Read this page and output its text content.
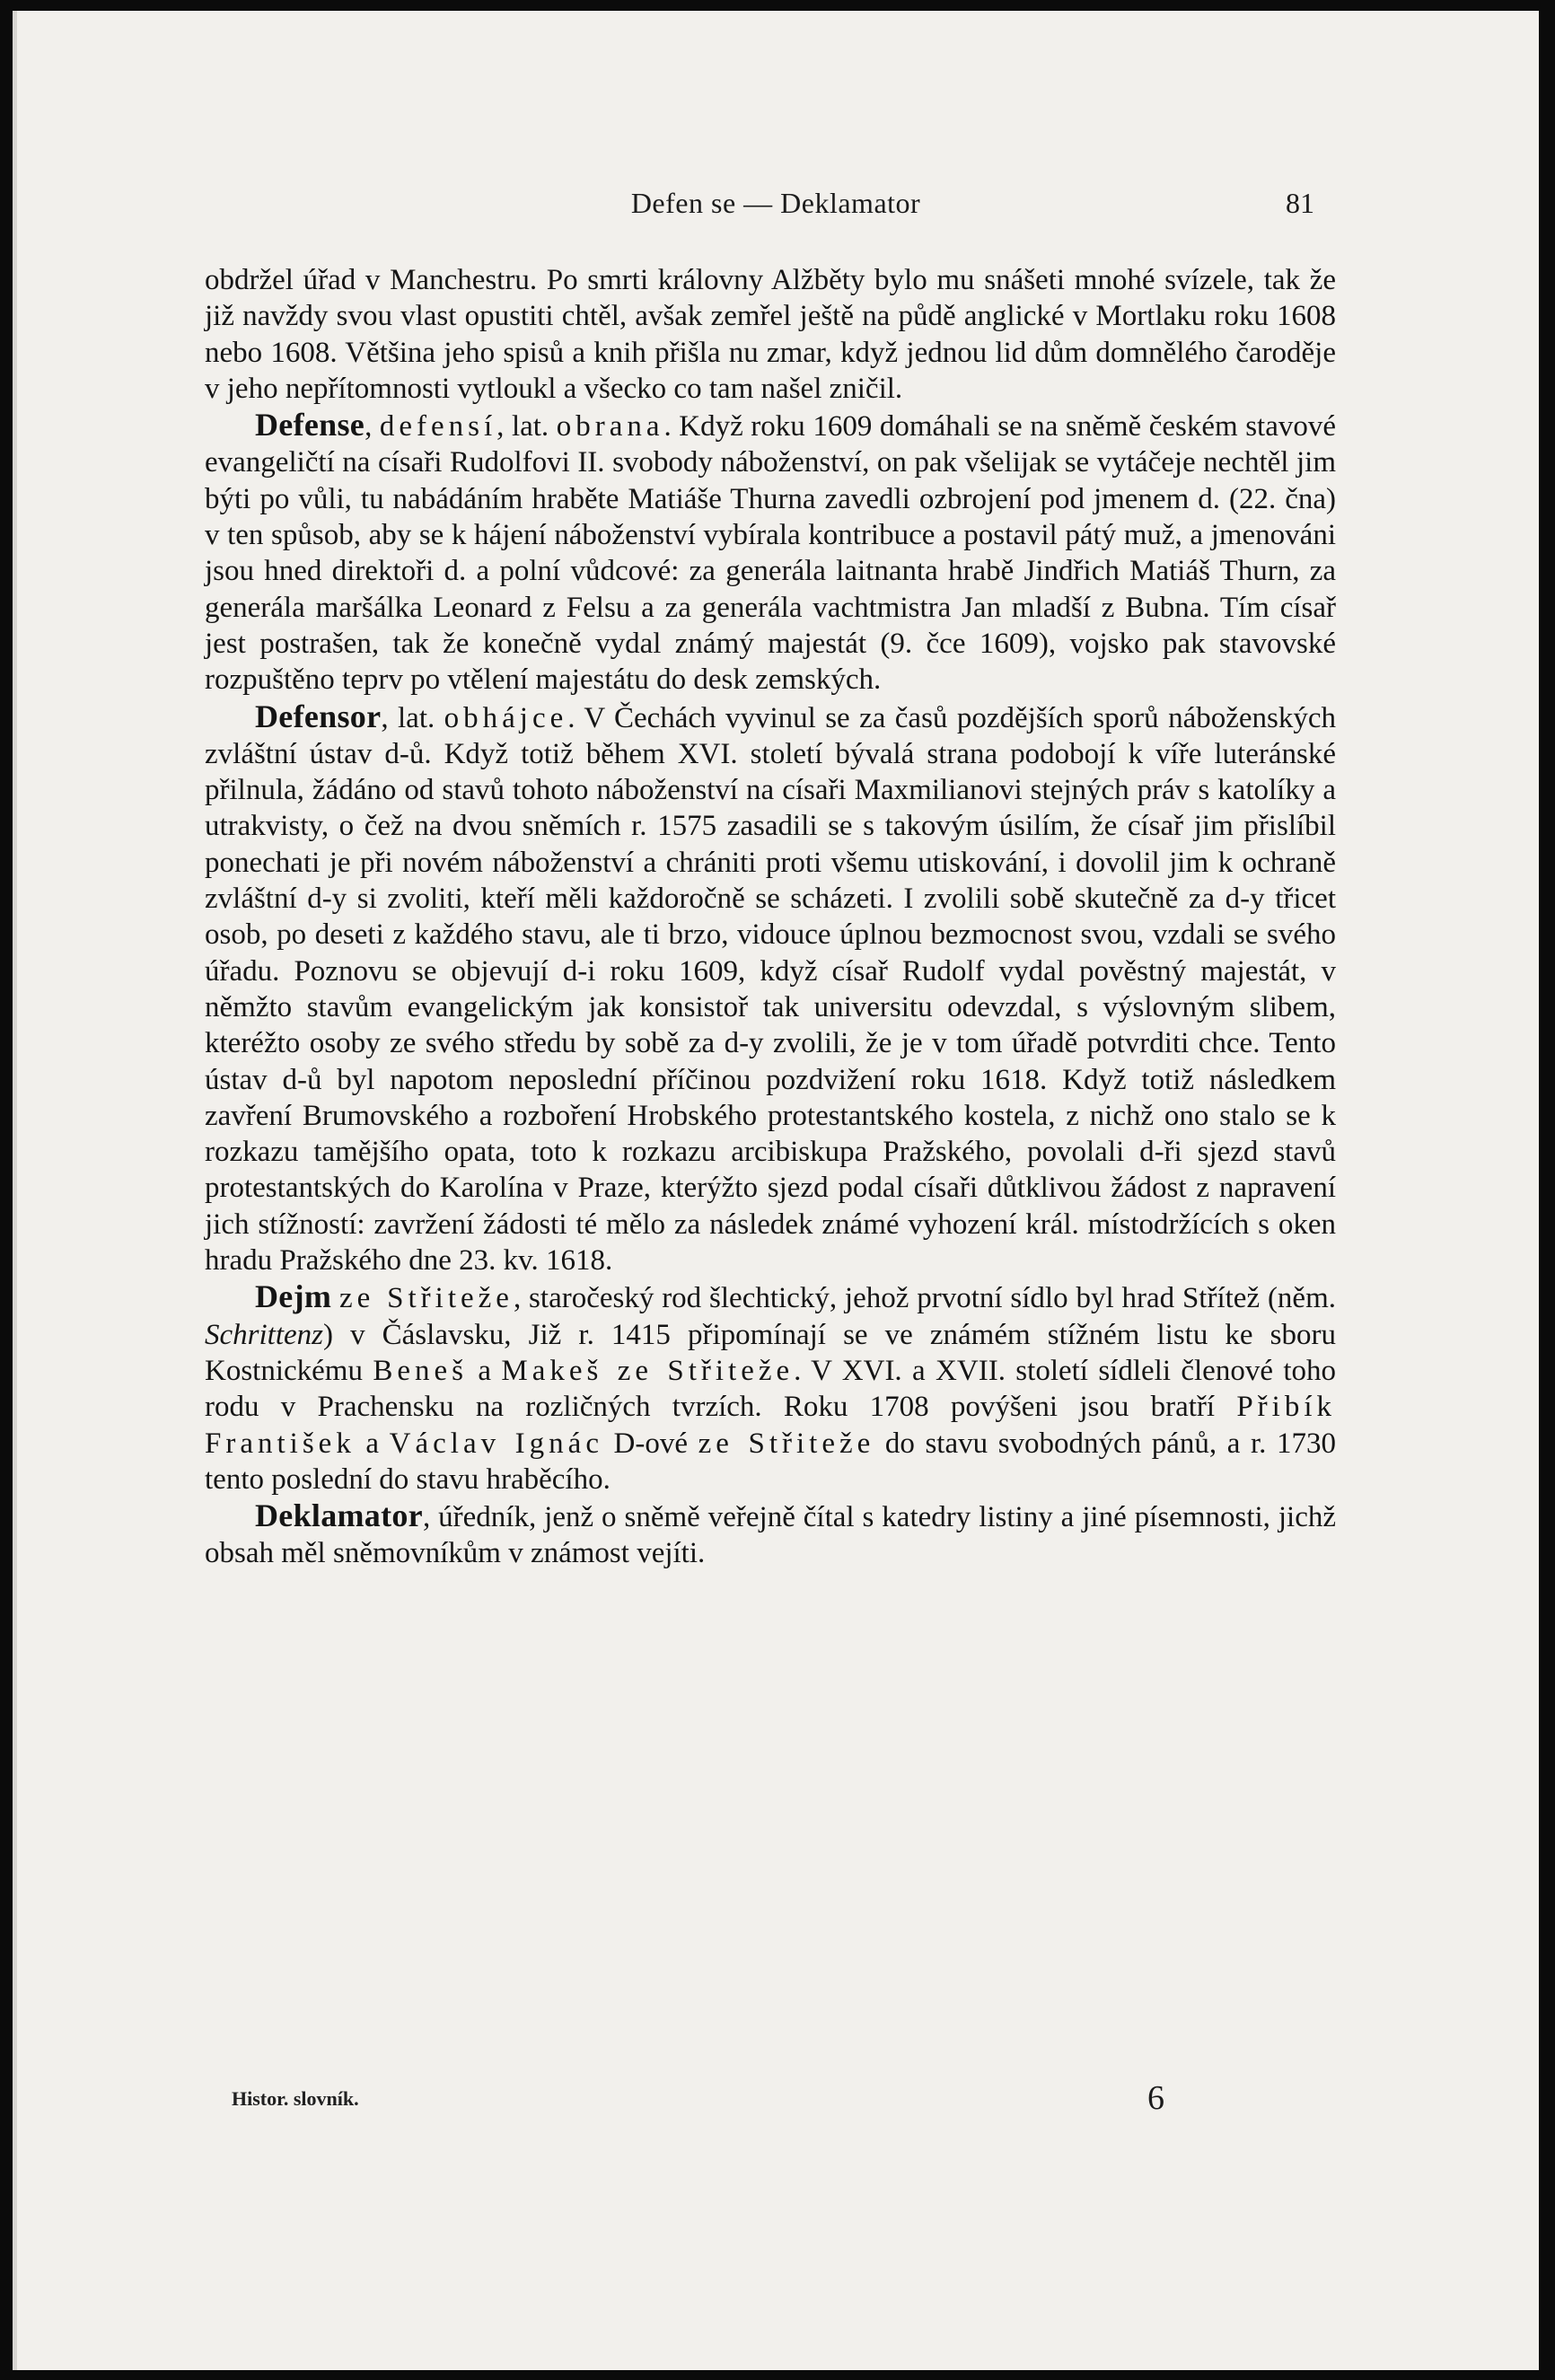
Defen se — Deklamator	81

obdržel úřad v Manchestru. Po smrti královny Alžběty bylo mu snášeti mnohé svízele, tak že již navždy svou vlast opustiti chtěl, avšak zemřel ještě na půdě anglické v Mortlaku roku 1608 nebo 1608. Většina jeho spisů a knih přišla nu zmar, když jednou lid dům domnělého čaroděje v jeho nepřítomnosti vytloukl a všecko co tam našel zničil.

Defense, defensí, lat. obrana. Když roku 1609 domáhali se na sněmě českém stavové evangeličtí na císaři Rudolfovi II. svobody náboženství, on pak všelijak se vytáčeje nechtěl jim býti po vůli, tu nabádáním hraběte Matiáše Thurna zavedli ozbrojení pod jmenem d. (22. čna) v ten spůsob, aby se k hájení náboženství vybírala kontribuce a postavil pátý muž, a jmenováni jsou hned direktoři d. a polní vůdcové: za generála laitnanta hrabě Jindřich Matiáš Thurn, za generála maršálka Leonard z Felsu a za generála vachtmistra Jan mladší z Bubna. Tím císař jest postrašen, tak že konečně vydal známý majestát (9. čce 1609), vojsko pak stavovské rozpuštěno teprv po vtělení majestátu do desk zemských.

Defensor, lat. obhájce. V Čechách vyvinul se za časů pozdějších sporů náboženských zvláštní ústav d-ů. Když totiž během XVI. století bývalá strana podobojí k víře luteránské přilnula, žádáno od stavů tohoto náboženství na císaři Maxmilianovi stejných práv s katolíky a utrakvisty, o čež na dvou sněmích r. 1575 zasadili se s takovým úsilím, že císař jim přislíbil ponechati je při novém náboženství a chrániti proti všemu utiskování, i dovolil jim k ochraně zvláštní d-y si zvoliti, kteří měli každoročně se scházeti. I zvolili sobě skutečně za d-y třicet osob, po deseti z každého stavu, ale ti brzo, vidouce úplnou bezmocnost svou, vzdali se svého úřadu. Poznovu se objevují d-i roku 1609, když císař Rudolf vydal pověstný majestát, v němžto stavům evangelickým jak konsistoř tak universitu odevzdal, s výslovným slibem, kteréžto osoby ze svého středu by sobě za d-y zvolili, že je v tom úřadě potvrditi chce. Tento ústav d-ů byl napotom neposlední příčinou pozdvižení roku 1618. Když totiž následkem zavření Brumovského a rozboření Hrobského protestantského kostela, z nichž ono stalo se k rozkazu tamějšího opata, toto k rozkazu arcibiskupa Pražského, povolali d-ři sjezd stavů protestantských do Karolína v Praze, kterýžto sjezd podal císaři důtklivou žádost z napravení jich stížností: zavržení žádosti té mělo za následek známé vyhození král. místodržících s oken hradu Pražského dne 23. kv. 1618.

Dejm ze Střiteže, staročeský rod šlechtický, jehož prvotní sídlo byl hrad Střítež (něm. Schrittenz) v Čáslavsku, Již r. 1415 připomínají se ve známém stížném listu ke sboru Kostnickému Beneš a Makeš ze Střiteže. V XVI. a XVII. století sídleli členové toho rodu v Prachensku na rozličných tvrzích. Roku 1708 povýšeni jsou bratří Přibík František a Václav Ignác D-ové ze Střiteže do stavu svobodných pánů, a r. 1730 tento poslední do stavu hraběcího.

Deklamator, úředník, jenž o sněmě veřejně čítal s katedry listiny a jiné písemnosti, jichž obsah měl sněmovníkům v známost vejíti.

Histor. slovník.	6
